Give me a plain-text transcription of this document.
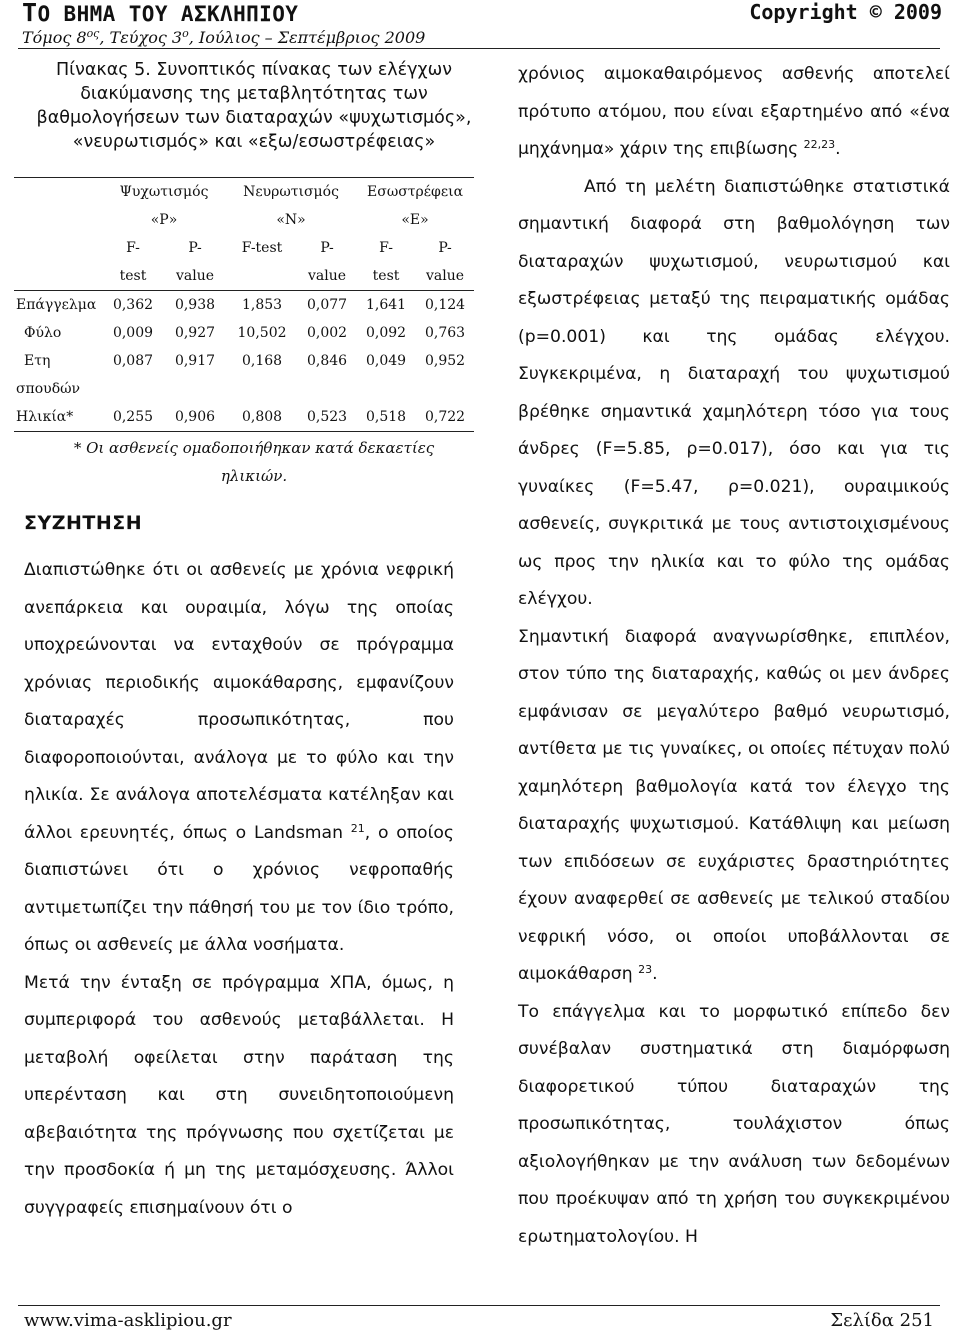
ΤΟ ΒΗΜΑ ΤΟΥ ΑΣΚΛΗΠΙΟΥ	Copyright © 2009
Τόμος $8^{o\varsigma}$, Τεύχος $3^o$, Ιούλιος – Σεπτέμβριος 2009
Πίνακας 5. Συνοπτικός πίνακας των ελέγχων διακύμανσης της μεταβλητότητας των βαθμολογήσεων των διαταραχών «ψυχωτισμός», «νευρωτισμός» και «εξω/εσωστρέφειας»
	Ψυχωτισμός		Νευρωτισμός		Εσωστρέφεια	
	«P»		«N»		«E»	
	F-	P-	F-test	P-	F-	P-
	test	value		value	test	value
Επάγγελμα	0,362	0,938	1,853	0,077	1,641	0,124
Φύλο	0,009	0,927	10,502	0,002	0,092	0,763
Ετη	0,087	0,917	0,168	0,846	0,049	0,952
σπουδών						
Ηλικία*	0,255	0,906	0,808	0,523	0,518	0,722
* Οι ασθενείς ομαδοποιήθηκαν κατά δεκαετίες
ηλικιών.
ΣΥΖΗΤΗΣΗ

Διαπιστώθηκε ότι οι ασθενείς με χρόνια νεφρική ανεπάρκεια και ουραιμία, λόγω της οποίας υποχρεώνονται να ενταχθούν σε πρόγραμμα χρόνιας περιοδικής αιμοκάθαρσης, εμφανίζουν διαταραχές προσωπικότητας, που διαφοροποιούνται, ανάλογα με το φύλο και την ηλικία. Σε ανάλογα αποτελέσματα κατέληξαν και άλλοι ερευνητές, όπως ο Landsman $^{21}$, ο οποίος διαπιστώνει ότι ο χρόνιος νεφροπαθής αντιμετωπίζει την πάθησή του με τον ίδιο τρόπο, όπως οι ασθενείς με άλλα νοσήματα.

Μετά την ένταξη σε πρόγραμμα ΧΠΑ, όμως, η συμπεριφορά του ασθενούς μεταβάλλεται. Η μεταβολή οφείλεται στην παράταση της υπερένταση και στη συνειδητοποιούμενη αβεβαιότητα της πρόγνωσης που σχετίζεται με την προσδοκία ή μη της μεταμόσχευσης. Άλλοι συγγραφείς επισημαίνουν ότι ο

χρόνιος αιμοκαθαιρόμενος ασθενής αποτελεί πρότυπο ατόμου, που είναι εξαρτημένο από «ένα μηχάνημα» χάριν της επιβίωσης $^{22,23}$.

Από τη μελέτη διαπιστώθηκε στατιστικά σημαντική διαφορά στη βαθμολόγηση των διαταραχών ψυχωτισμού, νευρωτισμού και εξωστρέφειας μεταξύ της πειραματικής ομάδας (p=0.001) και της ομάδας ελέγχου. Συγκεκριμένα, η διαταραχή του ψυχωτισμού βρέθηκε σημαντικά χαμηλότερη τόσο για τους άνδρες (F=5.85, ρ=0.017), όσο και για τις γυναίκες (F=5.47, ρ=0.021), ουραιμικούς ασθενείς, συγκριτικά με τους αντιστοιχισμένους ως προς την ηλικία και το φύλο της ομάδας ελέγχου.

Σημαντική διαφορά αναγνωρίσθηκε, επιπλέον, στον τύπο της διαταραχής, καθώς οι μεν άνδρες εμφάνισαν σε μεγαλύτερο βαθμό νευρωτισμό, αντίθετα με τις γυναίκες, οι οποίες πέτυχαν πολύ χαμηλότερη βαθμολογία κατά τον έλεγχο της διαταραχής ψυχωτισμού. Κατάθλιψη και μείωση των επιδόσεων σε ευχάριστες δραστηριότητες έχουν αναφερθεί σε ασθενείς με τελικού σταδίου νεφρική νόσο, οι οποίοι υποβάλλονται σε αιμοκάθαρση $^{23}$.

Το επάγγελμα και το μορφωτικό επίπεδο δεν συνέβαλαν συστηματικά στη διαμόρφωση διαφορετικού τύπου διαταραχών της προσωπικότητας, τουλάχιστον όπως αξιολογήθηκαν με την ανάλυση των δεδομένων που προέκυψαν από τη χρήση του συγκεκριμένου ερωτηματολογίου. Η

www.vima-asklipiou.gr	Σελίδα 251
